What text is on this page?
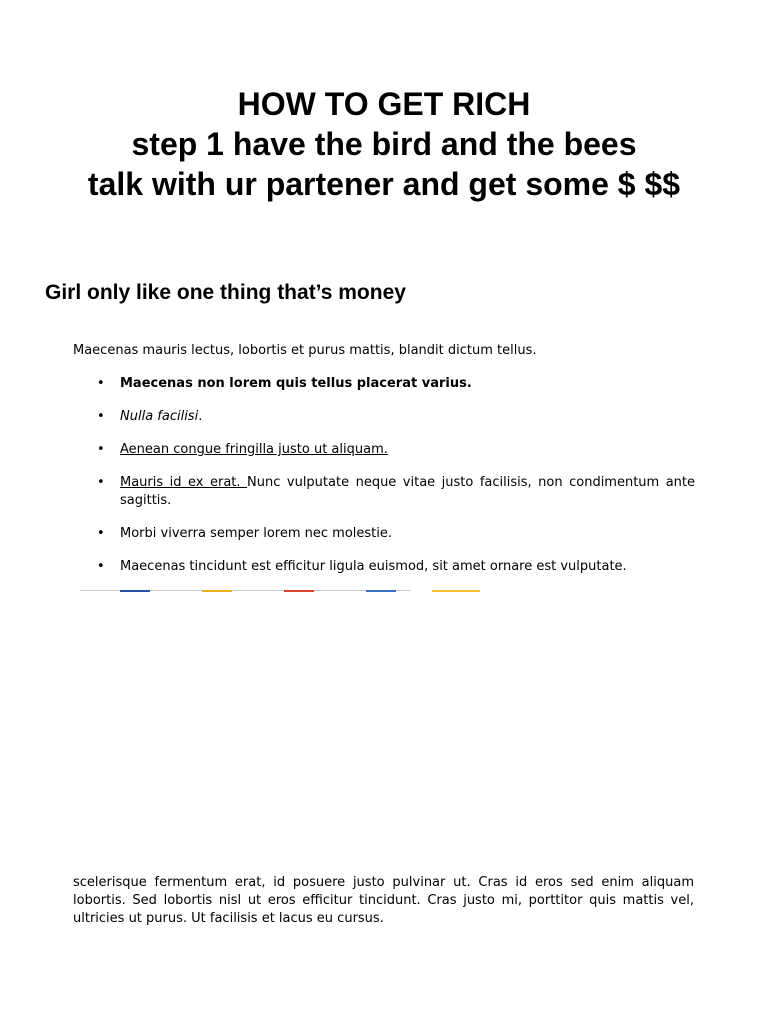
HOW TO GET RICH
step 1 have the bird and the bees
talk with ur partener and get some $ $$
Girl only like one thing that’s money

Maecenas mauris lectus, lobortis et purus mattis, blandit dictum tellus.

• Maecenas non lorem quis tellus placerat varius.
• Nulla facilisi.
• Aenean congue fringilla justo ut aliquam.
• Mauris id ex erat. Nunc vulputate neque vitae justo facilisis, non condimentum ante sagittis.
• Morbi viverra semper lorem nec molestie.
• Maecenas tincidunt est efficitur ligula euismod, sit amet ornare est vulputate.

scelerisque fermentum erat, id posuere justo pulvinar ut. Cras id eros sed enim aliquam lobortis. Sed lobortis nisl ut eros efficitur tincidunt. Cras justo mi, porttitor quis mattis vel, ultricies ut purus. Ut facilisis et lacus eu cursus.
